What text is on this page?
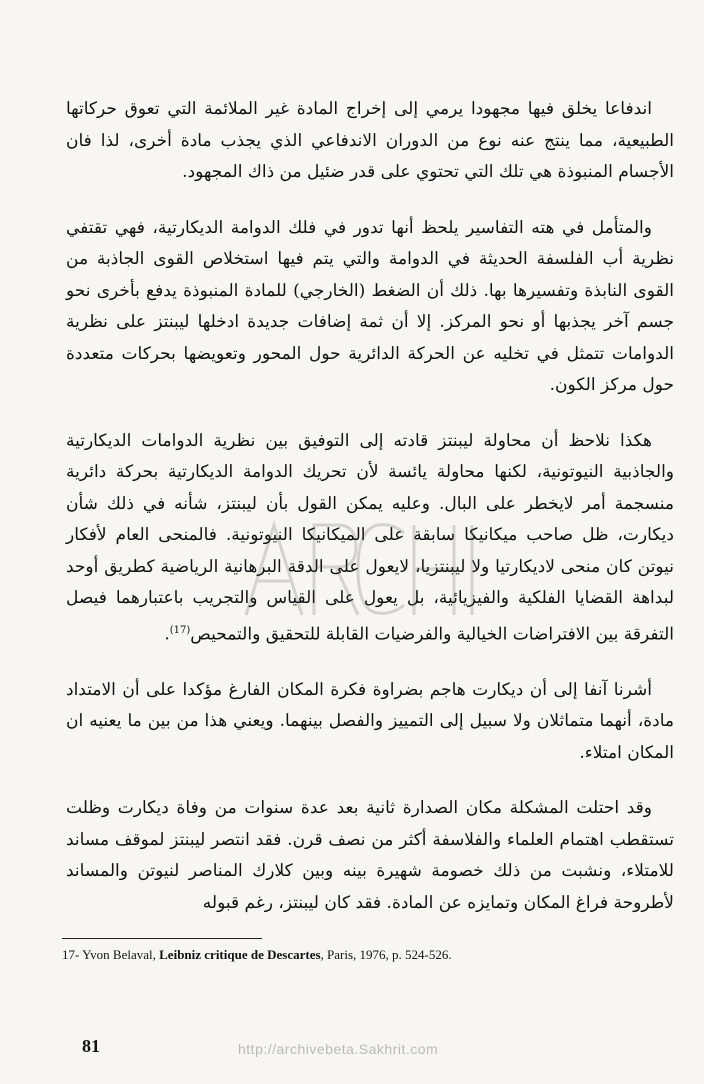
اندفاعا يخلق فيها مجهودا يرمي إلى إخراج المادة غير الملائمة التي تعوق حركاتها الطبيعية، مما ينتج عنه نوع من الدوران الاندفاعي الذي يجذب مادة أخرى، لذا فان الأجسام المنبوذة هي تلك التي تحتوي على قدر ضئيل من ذاك المجهود.

والمتأمل في هته التفاسير يلحظ أنها تدور في فلك الدوامة الديكارتية، فهي تقتفي نظرية أب الفلسفة الحديثة في الدوامة والتي يتم فيها استخلاص القوى الجاذبة من القوى النابذة وتفسيرها بها. ذلك أن الضغط (الخارجي) للمادة المنبوذة يدفع بأخرى نحو جسم آخر يجذبها أو نحو المركز. إلا أن ثمة إضافات جديدة ادخلها ليبنتز على نظرية الدوامات تتمثل في تخليه عن الحركة الدائرية حول المحور وتعويضها بحركات متعددة حول مركز الكون.

هكذا نلاحظ أن محاولة ليبنتز قادته إلى التوفيق بين نظرية الدوامات الديكارتية والجاذبية النيوتونية، لكنها محاولة يائسة لأن تحريك الدوامة الديكارتية بحركة دائرية منسجمة أمر لايخطر على البال. وعليه يمكن القول بأن ليبنتز، شأنه في ذلك شأن ديكارت، ظل صاحب ميكانيكا سابقة على الميكانيكا النيوتونية. فالمنحى العام لأفكار نيوتن كان منحى لاديكارتيا ولا ليبنتزيا، لايعول على الدقة البرهانية الرياضية كطريق أوحد لبداهة القضايا الفلكية والفيزيائية، بل يعول على القياس والتجريب باعتبارهما فيصل التفرقة بين الافتراضات الخيالية والفرضيات القابلة للتحقيق والتمحيص$^{(17)}$.

أشرنا آنفا إلى أن ديكارت هاجم بضراوة فكرة المكان الفارغ مؤكدا على أن الامتداد مادة، أنهما متماثلان ولا سبيل إلى التمييز والفصل بينهما. ويعني هذا من بين ما يعنيه ان المكان امتلاء.

وقد احتلت المشكلة مكان الصدارة ثانية بعد عدة سنوات من وفاة ديكارت وظلت تستقطب اهتمام العلماء والفلاسفة أكثر من نصف قرن. فقد انتصر ليبنتز لموقف مساند للامتلاء، ونشبت من ذلك خصومة شهيرة بينه وبين كلارك المناصر لنيوتن والمساند لأطروحة فراغ المكان وتمايزه عن المادة. فقد كان ليبنتز، رغم قبوله

17- Yvon Belaval, Leibniz critique de Descartes, Paris, 1976, p. 524-526.
81	http://archivebeta.Sakhrit.com
